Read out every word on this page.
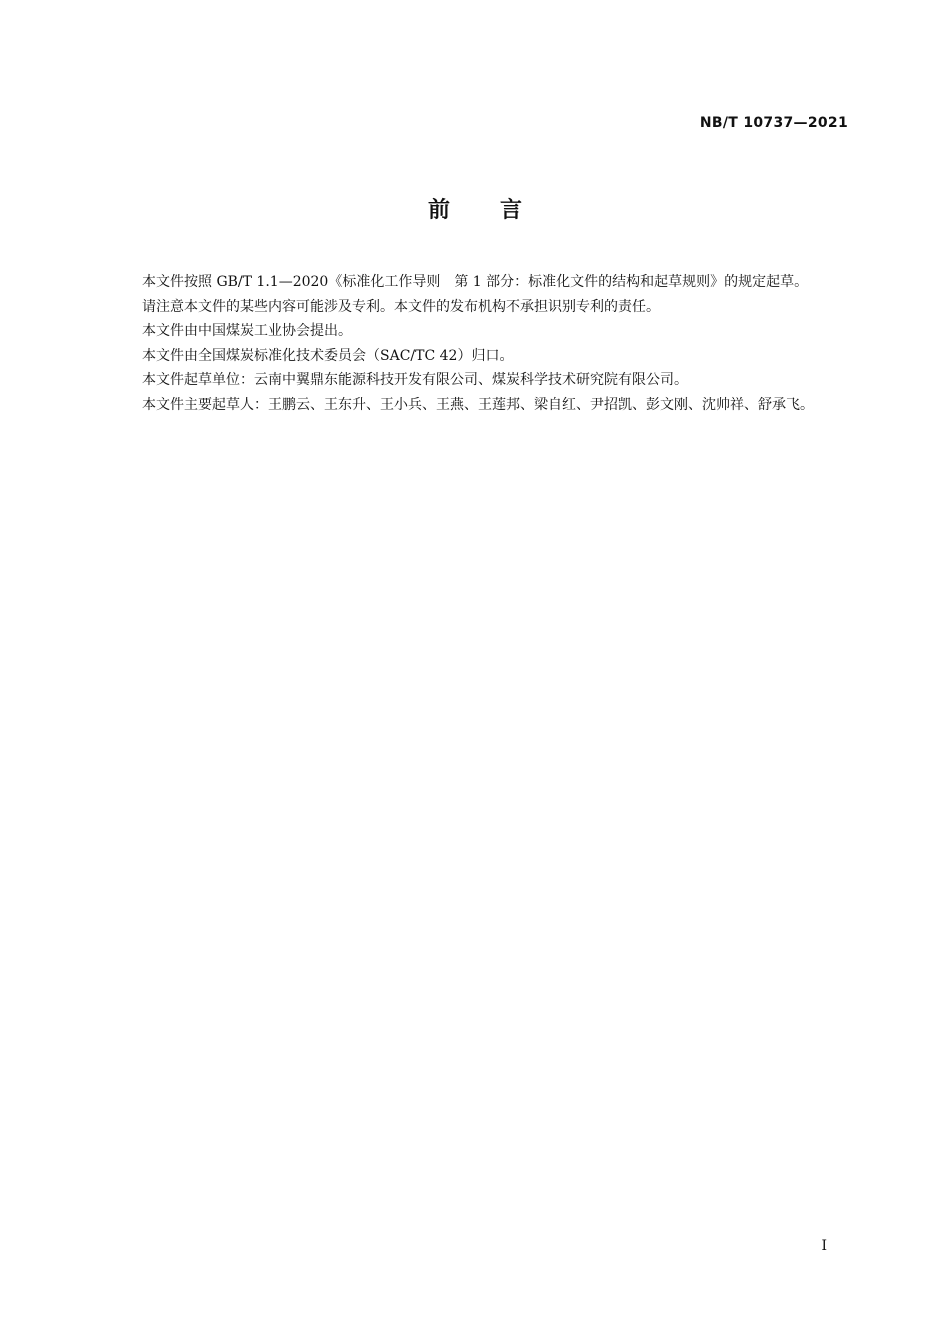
NB/T 10737—2021
前言

本文件按照 GB/T 1.1—2020《标准化工作导则　第 1 部分：标准化文件的结构和起草规则》的规定起草。

请注意本文件的某些内容可能涉及专利。本文件的发布机构不承担识别专利的责任。

本文件由中国煤炭工业协会提出。

本文件由全国煤炭标准化技术委员会（SAC/TC 42）归口。

本文件起草单位：云南中翼鼎东能源科技开发有限公司、煤炭科学技术研究院有限公司。

本文件主要起草人：王鹏云、王东升、王小兵、王燕、王莲邦、梁自红、尹招凯、彭文刚、沈帅祥、舒承飞。

I
